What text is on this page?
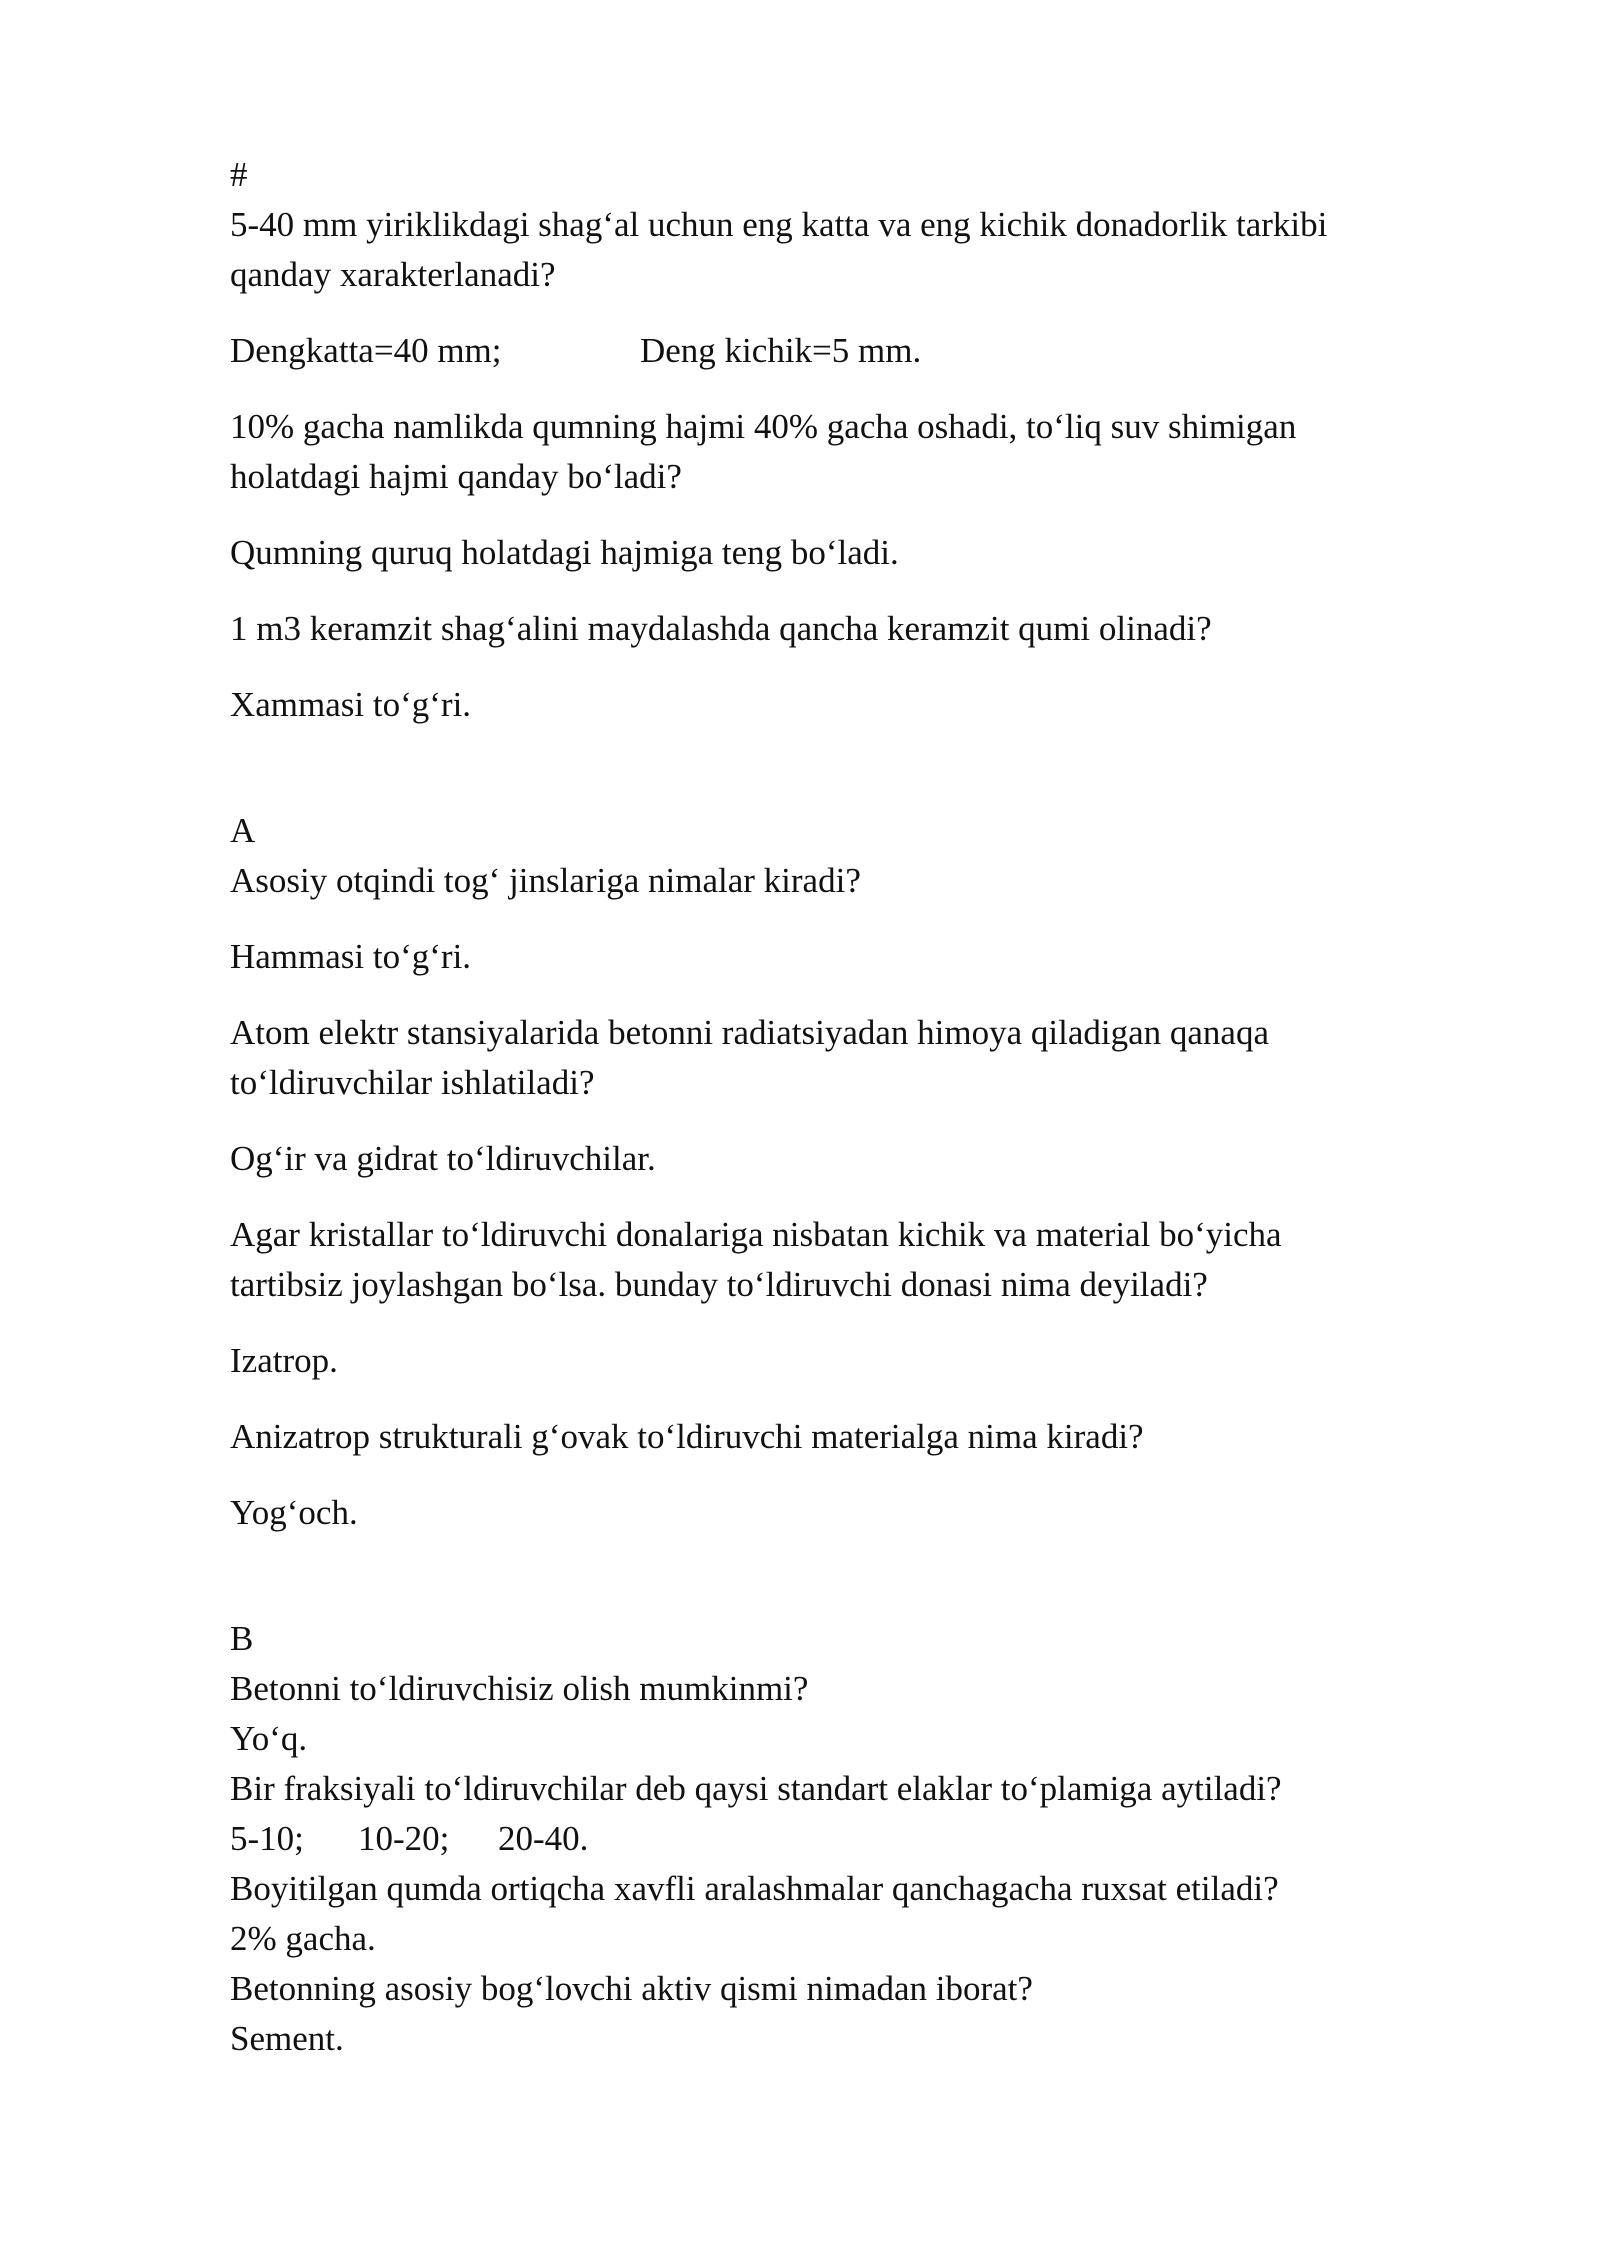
#

5-40 mm yiriklikdagi shag‘al uchun eng katta va eng kichik donadorlik tarkibi

qanday xarakterlanadi?

Dengkatta=40 mm;	Deng kichik=5 mm.

10% gacha namlikda qumning hajmi 40% gacha oshadi, to‘liq suv shimigan

holatdagi hajmi qanday bo‘ladi?

Qumning quruq holatdagi hajmiga teng bo‘ladi.

1 m3 keramzit shag‘alini maydalashda qancha keramzit qumi olinadi?

Xammasi to‘g‘ri.

A

Asosiy otqindi tog‘ jinslariga nimalar kiradi?

Hammasi to‘g‘ri.

Atom elektr stansiyalarida betonni radiatsiyadan himoya qiladigan qanaqa

to‘ldiruvchilar ishlatiladi?

Og‘ir va gidrat to‘ldiruvchilar.

Agar kristallar to‘ldiruvchi donalariga nisbatan kichik va material bo‘yicha

tartibsiz joylashgan bo‘lsa. bunday to‘ldiruvchi donasi nima deyiladi?

Izatrop.

Anizatrop strukturali g‘ovak to‘ldiruvchi materialga nima kiradi?

Yog‘och.

B

Betonni to‘ldiruvchisiz olish mumkinmi?

Yo‘q.

Bir fraksiyali to‘ldiruvchilar deb qaysi standart elaklar to‘plamiga aytiladi?

5-10; 10-20; 20-40.

Boyitilgan qumda ortiqcha xavfli aralashmalar qanchagacha ruxsat etiladi?

2% gacha.

Betonning asosiy bog‘lovchi aktiv qismi nimadan iborat?

Sement.
